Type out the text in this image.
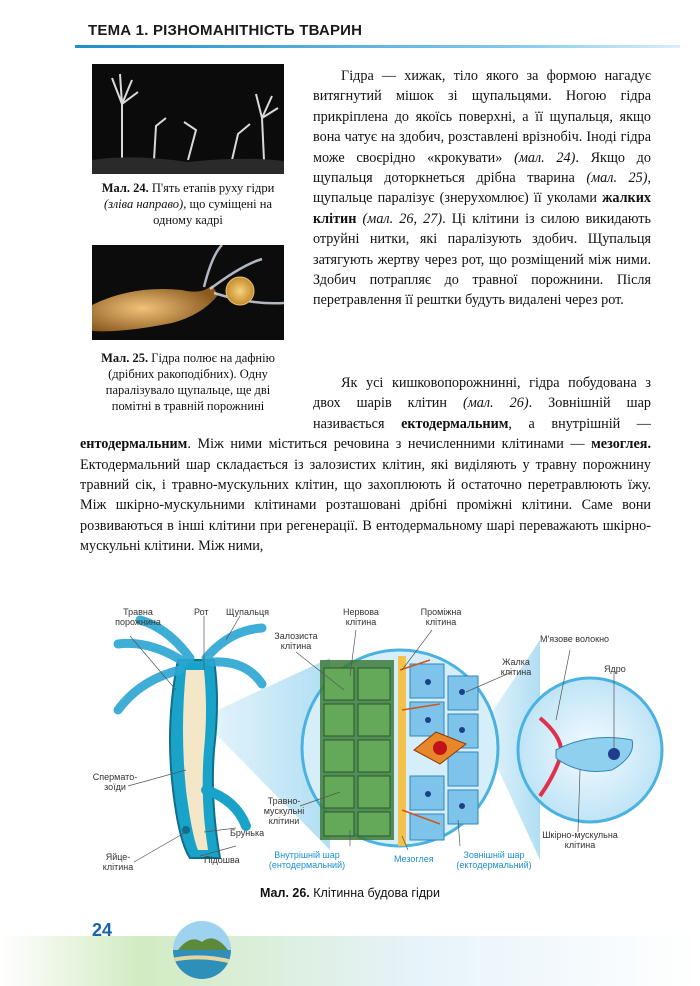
ТЕМА 1. РІЗНОМАНІТНІСТЬ ТВАРИН
Мал. 24. П'ять етапів руху гідри (зліва направо), що суміщені на одному кадрі
Мал. 25. Гідра полює на дафнію (дрібних ракоподібних). Одну паралізувало щупальце, ще дві помітні в травній порожнині
Гідра — хижак, тіло якого за формою нагадує витягнутий мішок зі щупальцями. Ногою гідра прикріплена до якоїсь поверхні, а її щупальця, якщо вона чатує на здобич, розставлені врізнобіч. Іноді гідра може своєрідно «крокувати» (мал. 24). Якщо до щупальця доторкнеться дрібна тварина (мал. 25), щупальце паралізує (знерухомлює) її уколами жалких клітин (мал. 26, 27). Ці клітини із силою викидають отруйні нитки, які паралізують здобич. Щупальця затягують жертву через рот, що розміщений між ними. Здобич потрапляє до травної порожнини. Після перетравлення її рештки будуть видалені через рот.
Як усі кишковопорожнинні, гідра побудована з двох шарів клітин (мал. 26). Зовнішній шар називається ектодермальним, а внутрішній — ентодермальним. Між ними міститься речовина з нечисленними клітинами — мезоглея. Ектодермальний шар складається із залозистих клітин, які виділяють у травну порожнину травний сік, і травно-мускульних клітин, що захоплюють й остаточно перетравлюють їжу. Між шкірно-мускульними клітинами розташовані дрібні проміжні клітини. Саме вони розвиваються в інші клітини при регенерації. В ентодермальному шарі переважають шкірно-мускульні клітини. Між ними,
Травна порожнина
Рот Щупальця
Залозиста клітина
Нервова клітина
Проміжна клітина
М'язове волокно
Жалка клітина	Ядро
Спермато-зоїди
Травно-мускульні клітини
Брунька	Шкірно-мускульна клітина
Яйце-клітина
Підошва	Внутрішній шар (ентодермальний)
Мезоглея	Зовнішній шар (ектодермальний)
Мал. 26. Клітинна будова гідри
24
